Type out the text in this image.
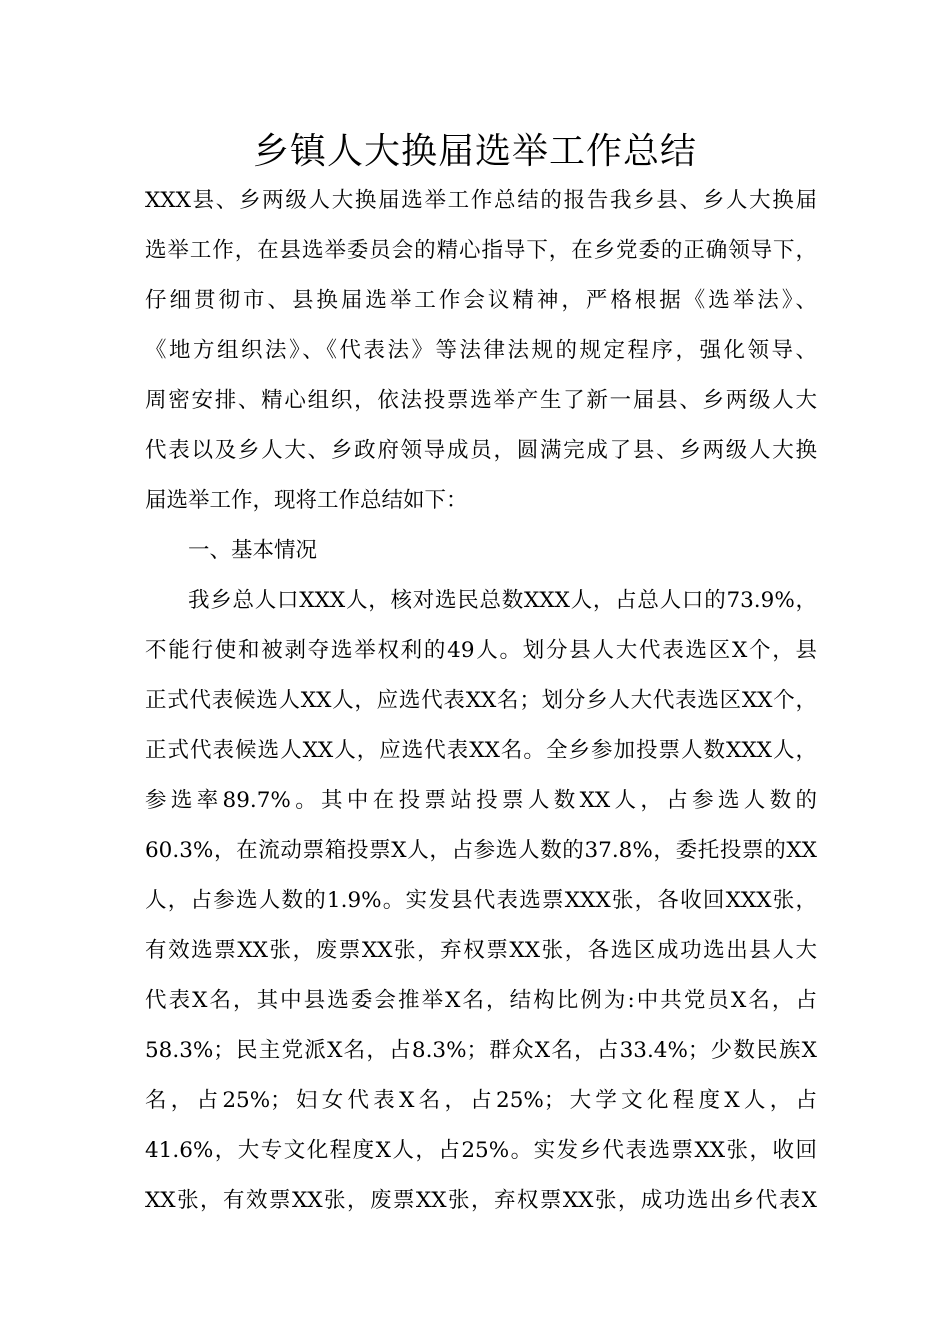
乡镇人大换届选举工作总结
XXX县、乡两级人大换届选举工作总结的报告我乡县、乡人大换届
选举工作，在县选举委员会的精心指导下，在乡党委的正确领导下，
仔细贯彻市、县换届选举工作会议精神，严格根据《选举法》、
《地方组织法》、《代表法》等法律法规的规定程序，强化领导、
周密安排、精心组织，依法投票选举产生了新一届县、乡两级人大
代表以及乡人大、乡政府领导成员，圆满完成了县、乡两级人大换
届选举工作，现将工作总结如下：
一、基本情况
我乡总人口XXX人，核对选民总数XXX人，占总人口的73.9%，
不能行使和被剥夺选举权利的49人。划分县人大代表选区X个，县
正式代表候选人XX人，应选代表XX名；划分乡人大代表选区XX个，
正式代表候选人XX人，应选代表XX名。全乡参加投票人数XXX人，
参选率89.7%。其中在投票站投票人数XX人，占参选人数的
60.3%，在流动票箱投票X人，占参选人数的37.8%，委托投票的XX
人，占参选人数的1.9%。实发县代表选票XXX张，各收回XXX张，
有效选票XX张，废票XX张，弃权票XX张，各选区成功选出县人大
代表X名，其中县选委会推举X名，结构比例为:中共党员X名，占
58.3%；民主党派X名，占8.3%；群众X名，占33.4%；少数民族X
名，占25%；妇女代表X名，占25%；大学文化程度X人，占
41.6%，大专文化程度X人，占25%。实发乡代表选票XX张，收回
XX张，有效票XX张，废票XX张，弃权票XX张，成功选出乡代表X
